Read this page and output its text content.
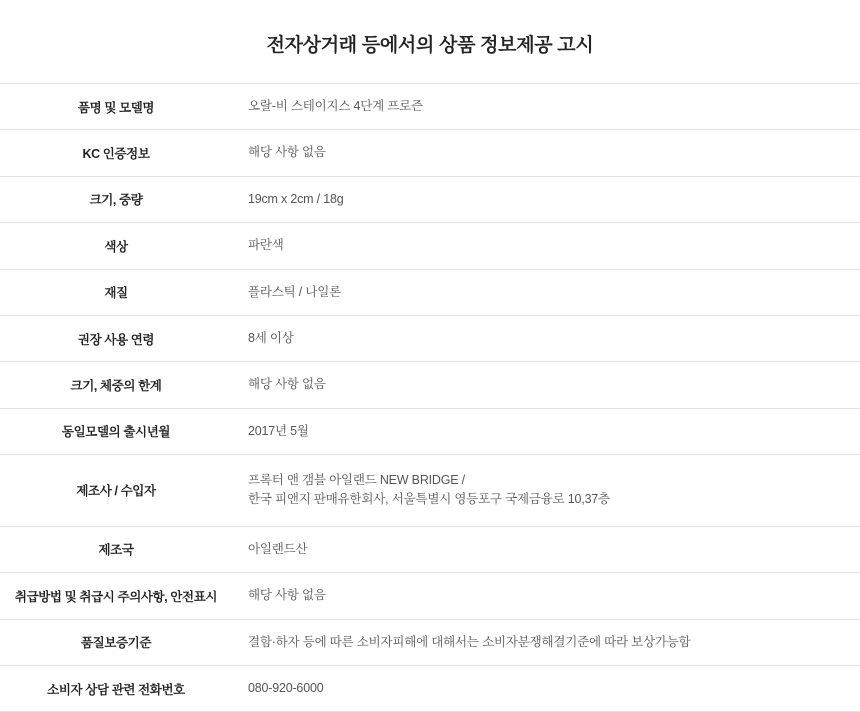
전자상거래 등에서의 상품 정보제공 고시
품명 및 모델명	오랄-비 스테이지스 4단계 프로즌

KC 인증정보	해당 사항 없음

크기, 중량	19cm x 2cm / 18g

색상	파란색

재질	플라스틱 / 나일론

권장 사용 연령	8세 이상

크기, 체중의 한계	해당 사항 없음

동일모델의 출시년월	2017년 5월

제조사 / 수입자	프록터 앤 갬블 아일랜드 NEW BRIDGE /
한국 피앤지 판매유한회사, 서울특별시 영등포구 국제금융로 10,37층

제조국	아일랜드산

취급방법 및 취급시 주의사항, 안전표시	해당 사항 없음

품질보증기준	결함·하자 등에 따른 소비자피해에 대해서는 소비자분쟁해결기준에 따라 보상가능함

소비자 상담 관련 전화번호	080-920-6000
